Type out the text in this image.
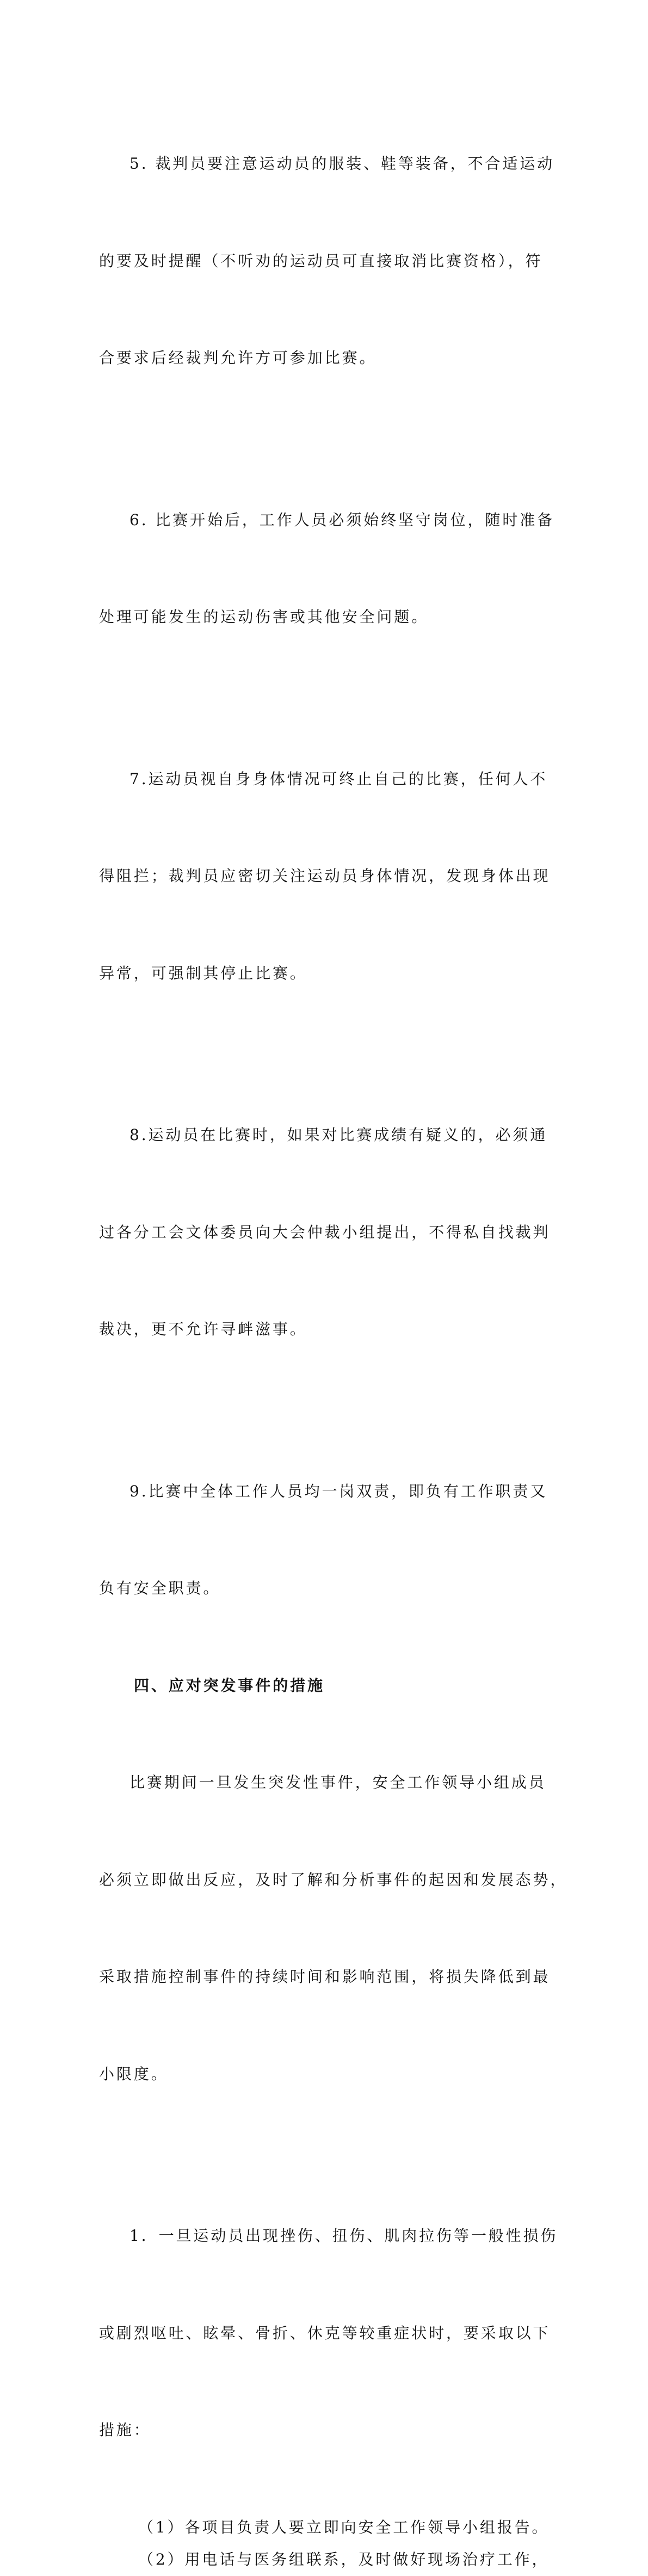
5. 裁判员要注意运动员的服装、鞋等装备，不合适运动

的要及时提醒（不听劝的运动员可直接取消比赛资格），符

合要求后经裁判允许方可参加比赛。

6. 比赛开始后，工作人员必须始终坚守岗位，随时准备

处理可能发生的运动伤害或其他安全问题。

7.运动员视自身身体情况可终止自己的比赛，任何人不

得阻拦；裁判员应密切关注运动员身体情况，发现身体出现

异常，可强制其停止比赛。

8.运动员在比赛时，如果对比赛成绩有疑义的，必须通

过各分工会文体委员向大会仲裁小组提出，不得私自找裁判

裁决，更不允许寻衅滋事。

9.比赛中全体工作人员均一岗双责，即负有工作职责又

负有安全职责。

四、应对突发事件的措施

比赛期间一旦发生突发性事件，安全工作领导小组成员

必须立即做出反应，及时了解和分析事件的起因和发展态势，

采取措施控制事件的持续时间和影响范围，将损失降低到最

小限度。

1．一旦运动员出现挫伤、扭伤、肌肉拉伤等一般性损伤

或剧烈呕吐、眩晕、骨折、休克等较重症状时，要采取以下

措施：

（1）各项目负责人要立即向安全工作领导小组报告。

（2）用电话与医务组联系，及时做好现场治疗工作，
